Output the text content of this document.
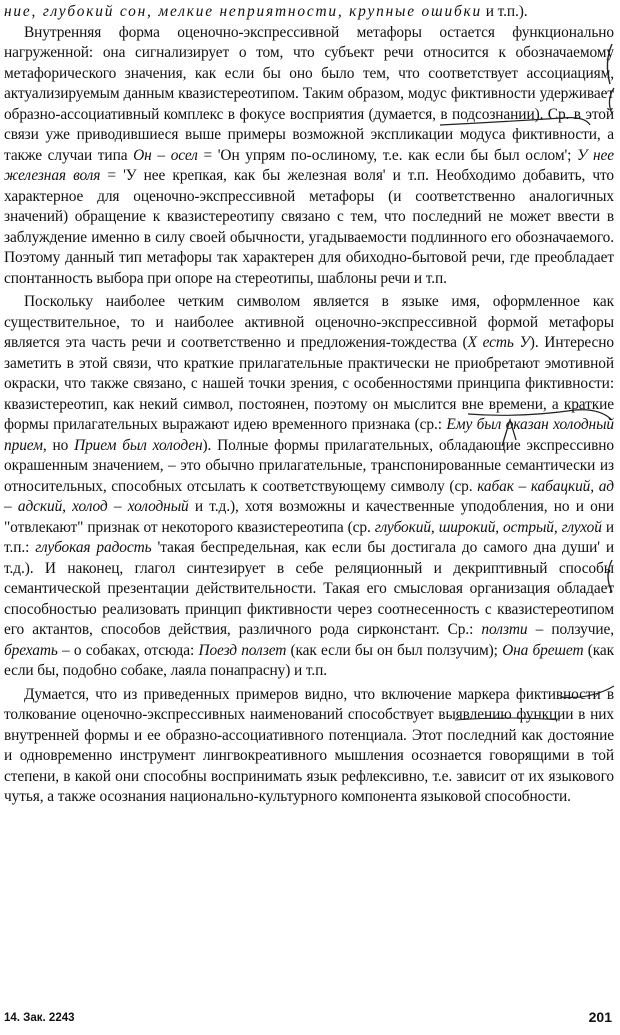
ние, глубокий сон, мелкие неприятности, крупные ошибки и т.п.).

Внутренняя форма оценочно-экспрессивной метафоры остается функционально нагруженной: она сигнализирует о том, что субъект речи относится к обозначаемому метафорического значения, как если бы оно было тем, что соответствует ассоциациям, актуализируемым данным квазистереотипом. Таким образом, модус фиктивности удерживает образно-ассоциативный комплекс в фокусе восприятия (думается, в подсознании). Ср. в этой связи уже приводившиеся выше примеры возможной экспликации модуса фиктивности, а также случаи типа Он – осел = 'Он упрям по-ослиному, т.е. как если бы был ослом'; У нее железная воля = 'У нее крепкая, как бы железная воля' и т.п. Необходимо добавить, что характерное для оценочно-экспрессивной метафоры (и соответственно аналогичных значений) обращение к квазистереотипу связано с тем, что последний не может ввести в заблуждение именно в силу своей обычности, угадываемости подлинного его обозначаемого. Поэтому данный тип метафоры так характерен для обиходно-бытовой речи, где преобладает спонтанность выбора при опоре на стереотипы, шаблоны речи и т.п.

Поскольку наиболее четким символом является в языке имя, оформленное как существительное, то и наиболее активной оценочно-экспрессивной формой метафоры является эта часть речи и соответственно и предложения-тождества (X есть У). Интересно заметить в этой связи, что краткие прилагательные практически не приобретают эмотивной окраски, что также связано, с нашей точки зрения, с особенностями принципа фиктивности: квазистереотип, как некий символ, постоянен, поэтому он мыслится вне времени, а краткие формы прилагательных выражают идею временного признака (ср.: Ему был оказан холодный прием, но Прием был холоден). Полные формы прилагательных, обладающие экспрессивно окрашенным значением, – это обычно прилагательные, транспонированные семантически из относительных, способных отсылать к соответствующему символу (ср. кабак – кабацкий, ад – адский, холод – холодный и т.д.), хотя возможны и качественные уподобления, но и они "отвлекают" признак от некоторого квазистереотипа (ср. глубокий, широкий, острый, глухой и т.п.: глубокая радость 'такая беспредельная, как если бы достигала до самого дна души' и т.д.). И наконец, глагол синтезирует в себе реляционный и декриптивный способы семантической презентации действительности. Такая его смысловая организация обладает способностью реализовать принцип фиктивности через соотнесенность с квазистереотипом его актантов, способов действия, различного рода сирконстант. Ср.: ползти – ползучие, брехать – о собаках, отсюда: Поезд ползет (как если бы он был ползучим); Она брешет (как если бы, подобно собаке, лаяла понапрасну) и т.п.

Думается, что из приведенных примеров видно, что включение маркера фиктивности в толкование оценочно-экспрессивных наименований способствует выявлению функции в них внутренней формы и ее образно-ассоциативного потенциала. Этот последний как достояние и одновременно инструмент лингвокреативного мышления осознается говорящими в той степени, в какой они способны воспринимать язык рефлексивно, т.е. зависит от их языкового чутья, а также осознания национально-культурного компонента языковой способности.

14. Зак. 2243	201
